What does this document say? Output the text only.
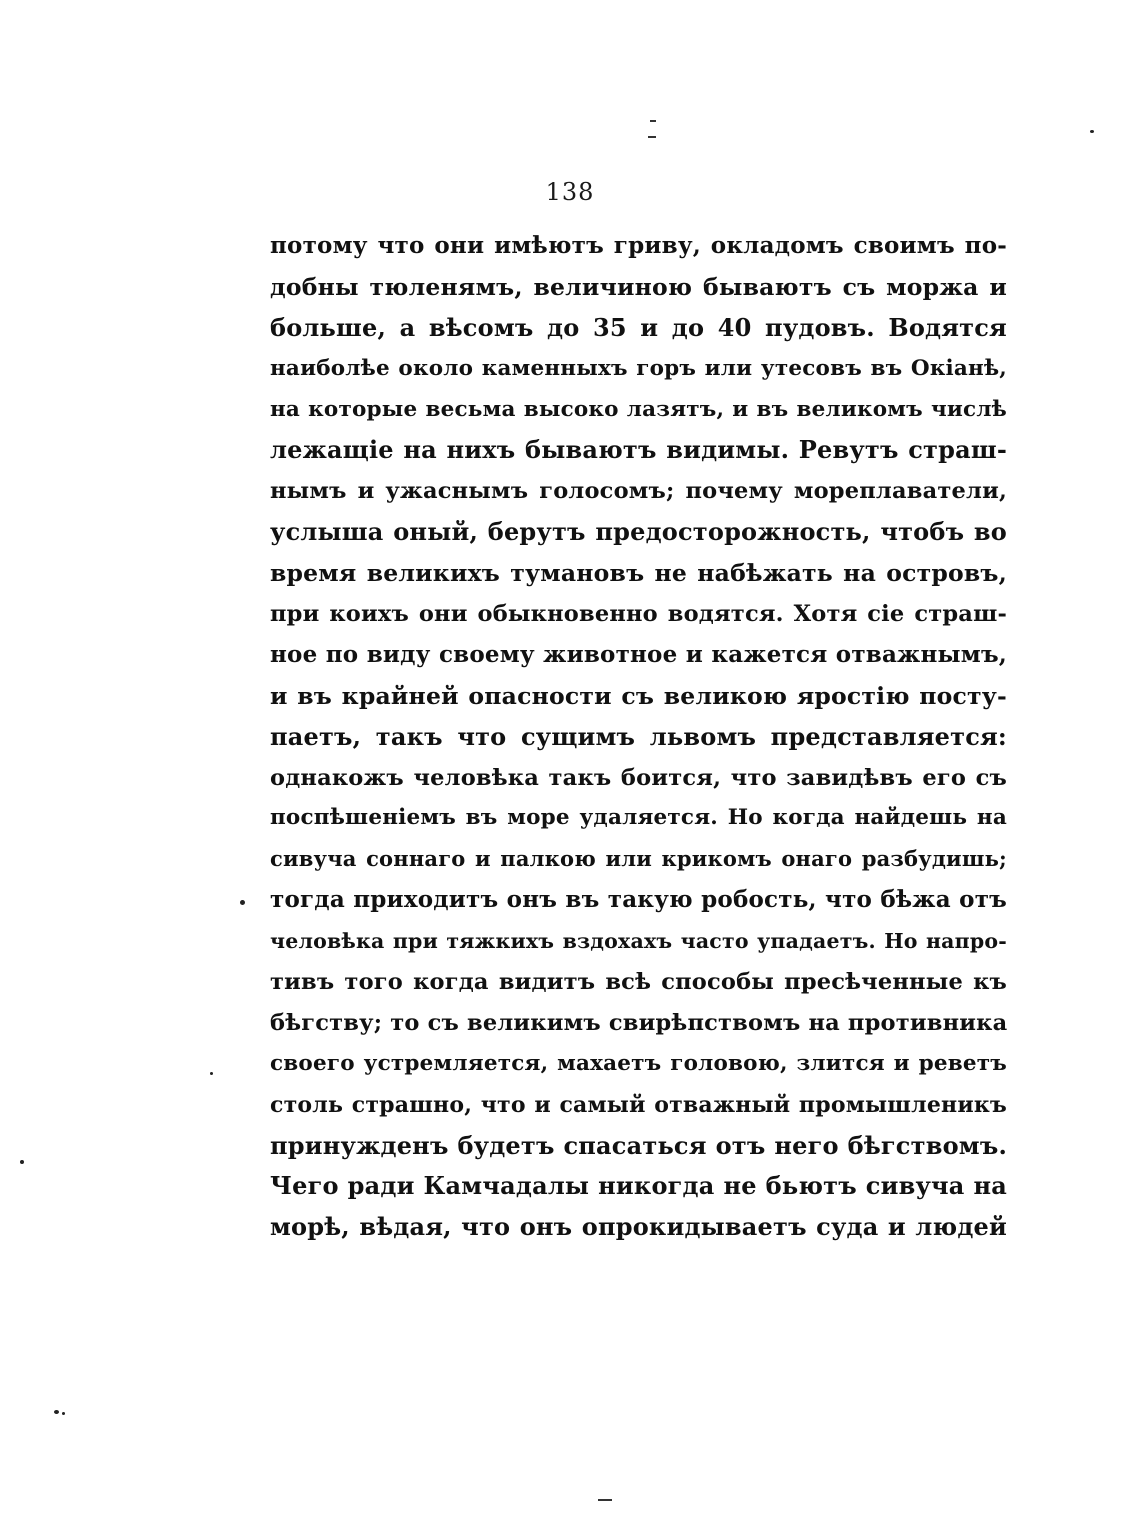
138
потому что они имѣютъ гриву, окладомъ своимъ по-
добны тюленямъ, величиною бываютъ съ моржа и
больше, а вѣсомъ до 35 и до 40 пудовъ. Водятся
наиболѣе около каменныхъ горъ или утесовъ въ Окіанѣ,
на которые весьма высоко лазятъ, и въ великомъ числѣ
лежащіе на нихъ бываютъ видимы. Ревутъ страш-
нымъ и ужаснымъ голосомъ; почему мореплаватели,
услыша оный, берутъ предосторожность, чтобъ во
время великихъ тумановъ не набѣжать на островъ,
при коихъ они обыкновенно водятся. Хотя сіе страш-
ное по виду своему животное и кажется отважнымъ,
и въ крайней опасности съ великою яростію посту-
паетъ, такъ что сущимъ львомъ представляется:
однакожъ человѣка такъ боится, что завидѣвъ его съ
поспѣшеніемъ въ море удаляется. Но когда найдешь на
сивуча соннаго и палкою или крикомъ онаго разбудишь;
тогда приходитъ онъ въ такую робость, что бѣжа отъ
человѣка при тяжкихъ вздохахъ часто упадаетъ. Но напро-
тивъ того когда видитъ всѣ способы пресѣченные къ
бѣгству; то съ великимъ свирѣпствомъ на противника
своего устремляется, махаетъ головою, злится и реветъ
столь страшно, что и самый отважный промышленикъ
принужденъ будетъ спасаться отъ него бѣгствомъ.
Чего ради Камчадалы никогда не бьютъ сивуча на
морѣ, вѣдая, что онъ опрокидываетъ суда и людей
